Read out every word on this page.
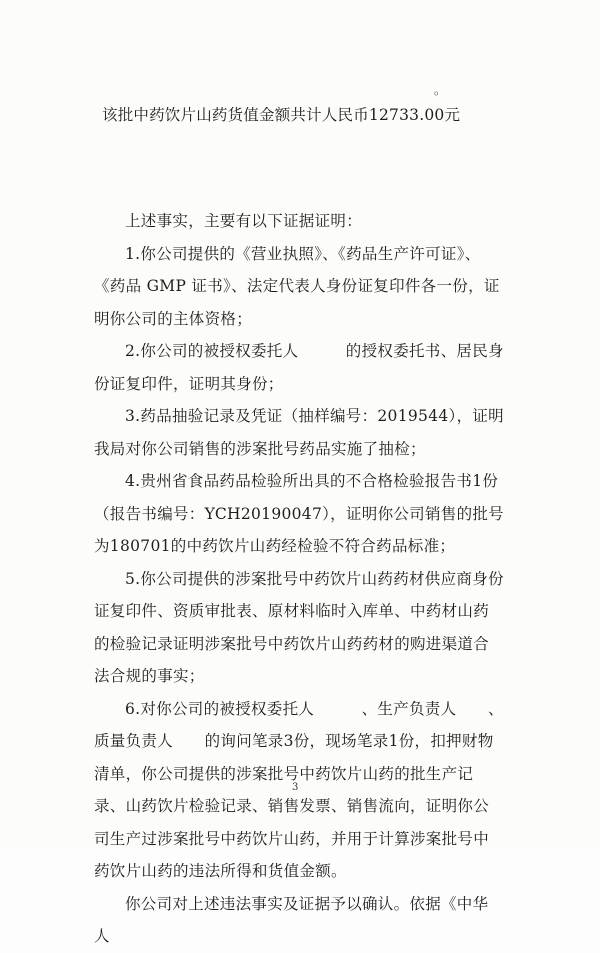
。
该批中药饮片山药货值金额共计人民币12733.00元

上述事实，主要有以下证据证明：

1.你公司提供的《营业执照》、《药品生产许可证》、《药品 GMP 证书》、法定代表人身份证复印件各一份，证明你公司的主体资格；

2.你公司的被授权委托人　　　的授权委托书、居民身份证复印件，证明其身份；

3.药品抽验记录及凭证（抽样编号：2019544），证明我局对你公司销售的涉案批号药品实施了抽检；

4.贵州省食品药品检验所出具的不合格检验报告书1份（报告书编号：YCH20190047），证明你公司销售的批号为180701的中药饮片山药经检验不符合药品标准；

5.你公司提供的涉案批号中药饮片山药药材供应商身份证复印件、资质审批表、原材料临时入库单、中药材山药的检验记录证明涉案批号中药饮片山药药材的购进渠道合法合规的事实；

6.对你公司的被授权委托人　　　、生产负责人　　、质量负责人　　的询问笔录3份，现场笔录1份，扣押财物清单，你公司提供的涉案批号中药饮片山药的批生产记录、山药饮片检验记录、销售发票、销售流向，证明你公司生产过涉案批号中药饮片山药，并用于计算涉案批号中药饮片山药的违法所得和货值金额。

你公司对上述违法事实及证据予以确认。依据《中华人

3
